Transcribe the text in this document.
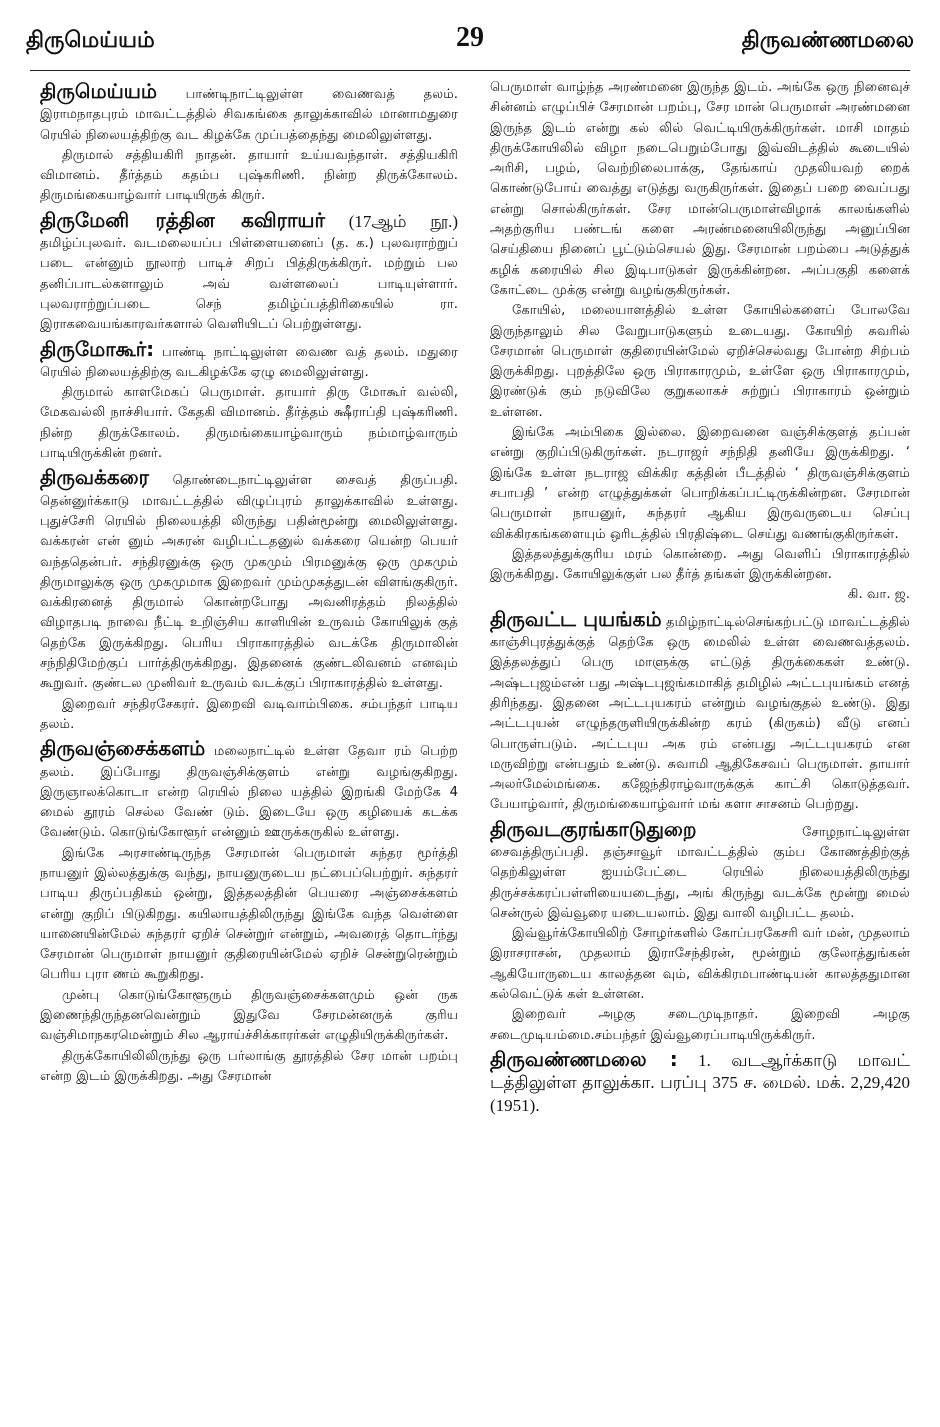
திருமெய்யம்	29	திருவண்ணமலை

திருமெய்யம் பாண்டிநாட்டிலுள்ள வைணவத் தலம். இராமநாதபுரம் மாவட்டத்தில் சிவகங்கை தாலுக்காவில் மானாமதுரை ரெயில் நிலையத்திற்கு வட கிழக்கே முப்பத்தைந்து மைலிலுள்ளது.

திருமால் சத்தியகிரி நாதன். தாயார் உய்யவந்தாள். சத்தியகிரி விமானம். தீர்த்தம் கதம்ப புஷ்கரிணி. நின்ற திருக்கோலம். திருமங்கையாழ்வார் பாடியிருக் கிருர்.

திருமேனி ரத்தின கவிராயர் (17ஆம் நூ.) தமிழ்ப்புலவர். வடமலையப்ப பிள்ளையனைப் (த. க.) புலவராற்றுப் படை என்னும் நூலாற் பாடிச் சிறப் பித்திருக்கிருர். மற்றும் பல தனிப்பாடல்களாலும் அவ் வள்ளலைப் பாடியுள்ளார். புலவராற்றுப்படை செந் தமிழ்ப்பத்திரிகையில் ரா. இராகவையங்காரவர்களால் வெளியிடப் பெற்றுள்ளது.

திருமோகூர்: பாண்டி நாட்டிலுள்ள வைண வத் தலம். மதுரை ரெயில் நிலையத்திற்கு வடகிழக்கே ஏழு மைலிலுள்ளது.

திருமால் காளமேகப் பெருமாள். தாயார் திரு மோகூர் வல்லி, மேகவல்லி நாச்சியார். கேதகி விமானம். தீர்த்தம் க்ஷீராப்தி புஷ்கரிணி. நின்ற திருக்கோலம். திருமங்கையாழ்வாரும் நம்மாழ்வாரும் பாடியிருக்கின் றனர்.

திருவக்கரை தொண்டைநாட்டிலுள்ள சைவத் திருப்பதி. தென்னுர்க்காடு மாவட்டத்தில் விழுப்புரம் தாலுக்காவில் உள்ளது. புதுச்சேரி ரெயில் நிலையத்தி லிருந்து பதின்மூன்று மைலிலுள்ளது. வக்கரன் என் னும் அசுரன் வழிபட்டதனுல் வக்கரை யென்ற பெயர் வந்ததென்பர். சந்திரனுக்கு ஒரு முகமும் பிரமனுக்கு ஒரு முகமும் திருமாலுக்கு ஒரு முகமுமாக இறைவர் மும்முகத்துடன் விளங்குகிருர். வக்கிரனைத் திருமால் கொன்றபோது அவனிரத்தம் நிலத்தில் விழாதபடி நாவை நீட்டி உறிஞ்சிய காளியின் உருவம் கோயிலுக் குத் தெற்கே இருக்கிறது. பெரிய பிராகாரத்தில் வடக்கே திருமாலின் சந்நிதிமேற்குப் பார்த்திருக்கிறது. இதனைக் குண்டலிவனம் எனவும் கூறுவர். குண்டல முனிவர் உருவம் வடக்குப் பிராகாரத்தில் உள்ளது.

இறைவர் சந்திரசேகரர். இறைவி வடிவாம்பிகை. சம்பந்தர் பாடிய தலம்.

திருவஞ்சைக்களம் மலைநாட்டில் உள்ள தேவா ரம் பெற்ற தலம். இப்போது திருவஞ்சிக்குளம் என்று வழங்குகிறது. இருஞாலக்கொடா என்ற ரெயில் நிலை யத்தில் இறங்கி மேற்கே 4 மைல் தூரம் செல்ல வேண் டும். இடையே ஒரு கழியைக் கடக்க வேண்டும். கொடுங்கோளூர் என்னும் ஊருக்கருகில் உள்ளது.

இங்கே அரசாண்டிருந்த சேரமான் பெருமாள் சுந்தர மூர்த்தி நாயனுர் இல்லத்துக்கு வந்து, நாயனுருடைய நட்பைப்பெற்றுர். சுந்தரர் பாடிய திருப்பதிகம் ஒன்று, இத்தலத்தின் பெயரை அஞ்சைக்களம் என்று குறிப் பிடுகிறது. கயிலாயத்திலிருந்து இங்கே வந்த வெள்ளை யானையின்மேல் சுந்தரர் ஏறிச் சென்றுர் என்றும், அவரைத் தொடர்ந்து சேரமான் பெருமாள் நாயனுர் குதிரையின்மேல் ஏறிச் சென்றுரென்றும் பெரிய புரா ணம் கூறுகிறது.

முன்பு கொடுங்கோளூரும் திருவஞ்சைக்களமும் ஒன் ருக இணைந்திருந்தனவென்றும் இதுவே சேரமன்னருக் குரிய வஞ்சிமாநகரமென்றும் சில ஆராய்ச்சிக்காரர்கள் எழுதியிருக்கிருர்கள்.

திருக்கோயிலிலிருந்து ஒரு பர்லாங்கு தூரத்தில் சேர மான் பறம்பு என்ற இடம் இருக்கிறது. அது சேரமான்

பெருமாள் வாழ்ந்த அரண்மனை இருந்த இடம். அங்கே ஒரு நினைவுச் சின்னம் எழுப்பிச் சேரமான் பறம்பு, சேர மான் பெருமாள் அரண்மனை இருந்த இடம் என்று கல் லில் வெட்டியிருக்கிருர்கள். மாசி மாதம் திருக்கோயிலில் விழா நடைபெறும்போது இவ்விடத்தில் கூடையில் அரிசி, பழம், வெற்றிலைபாக்கு, தேங்காய் முதலியவற் றைக் கொண்டுபோய் வைத்து எடுத்து வருகிருர்கள். இதைப் பறை வைப்பது என்று சொல்கிருர்கள். சேர மான்பெருமாள்விழாக் காலங்களில் அதற்குரிய பண்டங் களை அரண்மனையிலிருந்து அனுப்பின செய்தியை நினைப் பூட்டும்செயல் இது. சேரமான் பறம்பை அடுத்துக் கழிக் கரையில் சில இடிபாடுகள் இருக்கின்றன. அப்பகுதி களைக் கோட்டை முக்கு என்று வழங்குகிருர்கள்.

கோயில், மலையாளத்தில் உள்ள கோயில்களைப் போலவே இருந்தாலும் சில வேறுபாடுகளும் உடையது. கோயிற் சுவரில் சேரமான் பெருமாள் குதிரையின்மேல் ஏறிச்செல்வது போன்ற சிற்பம் இருக்கிறது. புறத்திலே ஒரு பிராகாரமும், உள்ளே ஒரு பிராகாரமும், இரண்டுக் கும் நடுவிலே குறுகலாகச் சுற்றுப் பிராகாரம் ஒன்றும் உள்ளன.

இங்கே அம்பிகை இல்லை. இறைவனை வஞ்சிக்குளத் தப்பன் என்று குறிப்பிடுகிருர்கள். நடராஜர் சந்நிதி தனியே இருக்கிறது. ‘ இங்கே உள்ள நடராஜ விக்கிர கத்தின் பீடத்தில் ‘ திருவஞ்சிக்குளம் சபாபதி ’ என்ற எழுத்துக்கள் பொறிக்கப்பட்டிருக்கின்றன. சேரமான் பெருமாள் நாயனுர், சுந்தரர் ஆகிய இருவருடைய செப்பு விக்கிரகங்களையும் ஒரிடத்தில் பிரதிஷ்டை செய்து வணங்குகிருர்கள்.

இத்தலத்துக்குரிய மரம் கொன்றை. அது வெளிப் பிராகாரத்தில் இருக்கிறது. கோயிலுக்குள் பல தீர்த் தங்கள் இருக்கின்றன.

கி. வா. ஜ.

திருவட்ட புயங்கம் தமிழ்நாட்டில்செங்கற்பட்டு மாவட்டத்தில் காஞ்சிபுரத்துக்குத் தெற்கே ஒரு மைலில் உள்ள வைணவத்தலம். இத்தலத்துப் பெரு மாளுக்கு எட்டுத் திருக்கைகள் உண்டு. அஷ்டபுஜம்என் பது அஷ்டபுஜங்கமாகித் தமிழில் அட்டபுயங்கம் எனத் திரிந்தது. இதனை அட்டபுயகரம் என்றும் வழங்குதல் உண்டு. இது அட்டபுயன் எழுந்தருளியிருக்கின்ற கரம் (கிருகம்) வீடு எனப் பொருள்படும். அட்டபுய அக ரம் என்பது அட்டபுயகரம் என மருவிற்று என்பதும் உண்டு. சுவாமி ஆதிகேசவப் பெருமாள். தாயார் அலர்மேல்மங்கை. கஜேந்திராழ்வாருக்குக் காட்சி கொடுத்தவர். பேயாழ்வார், திருமங்கையாழ்வார் மங் களா சாசனம் பெற்றது.

திருவடகுரங்காடுதுறை சோழநாட்டிலுள்ள சைவத்திருப்பதி. தஞ்சாவூர் மாவட்டத்தில் கும்ப கோணத்திற்குத் தெற்கிலுள்ள ஐயம்பேட்டை ரெயில் நிலையத்திலிருந்து திருச்சக்கரப்பள்ளியையடைந்து, அங் கிருந்து வடக்கே மூன்று மைல் சென்ருல் இவ்வூரை யடையலாம். இது வாலி வழிபட்ட தலம்.

இவ்வூர்க்கோயிலிற் சோழர்களில் கோப்பரகேசரி வர் மன், முதலாம் இராசராசன், முதலாம் இராசேந்திரன், மூன்றும் குலோத்துங்கன் ஆகியோருடைய காலத்தன வும், விக்கிரமபாண்டியன் காலத்ததுமான கல்வெட்டுக் கள் உள்ளன.

இறைவர் அழகு சடைமுடிநாதர். இறைவி அழகு சடைமுடியம்மை.சம்பந்தர் இவ்வூரைப்பாடியிருக்கிருர்.

திருவண்ணமலை : 1. வடஆர்க்காடு மாவட் டத்திலுள்ள தாலுக்கா. பரப்பு 375 ச. மைல். மக். 2,29,420 (1951).
